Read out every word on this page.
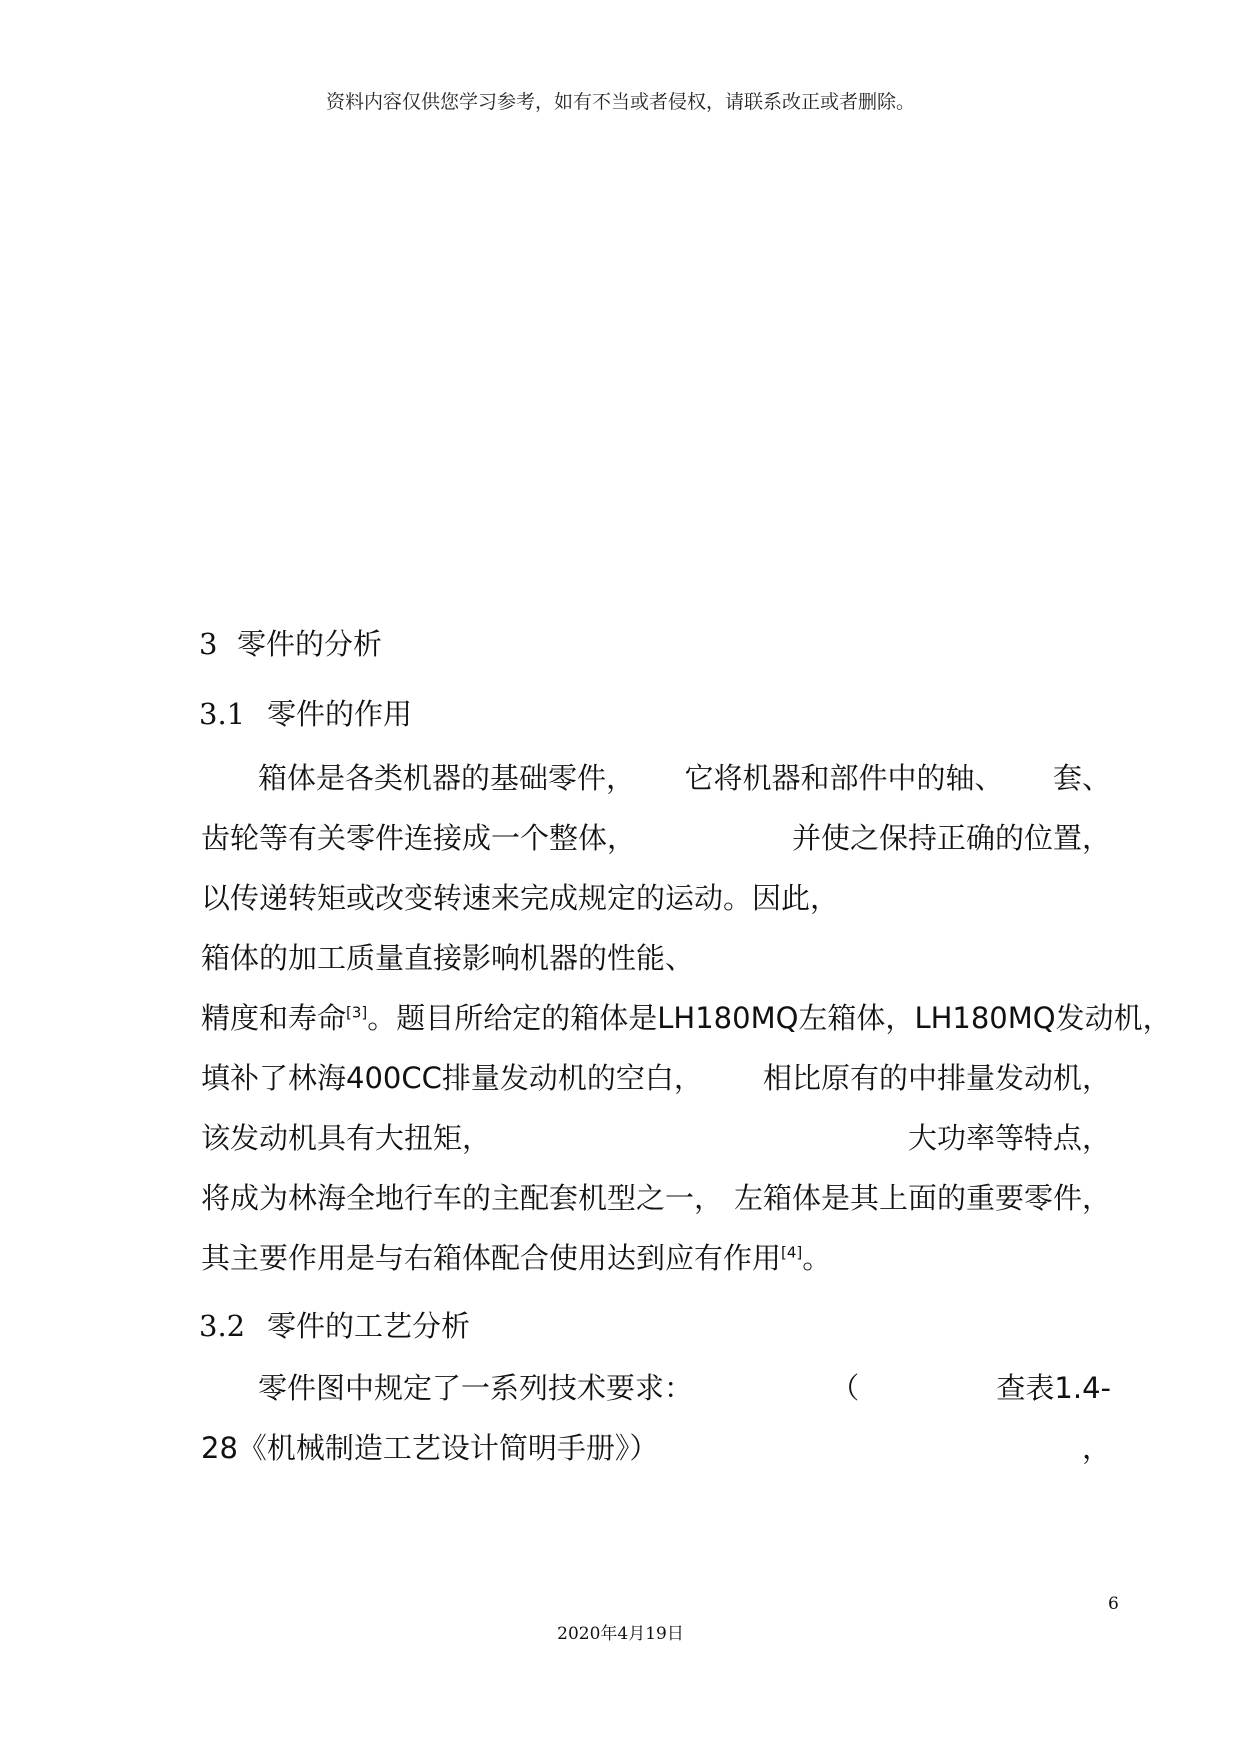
资料内容仅供您学习参考，如有不当或者侵权，请联系改正或者删除。
3 零件的分析
3.1 零件的作用
箱体是各类机器的基础零件， 它将机器和部件中的轴、 套、
齿轮等有关零件连接成一个整体，	并使之保持正确的位置，
以传递转矩或改变转速来完成规定的运动。因此，
箱体的加工质量直接影响机器的性能、
精度和寿命[3]。题目所给定的箱体是LH180MQ左箱体， LH180MQ发动机，
填补了林海400CC排量发动机的空白， 相比原有的中排量发动机，
该发动机具有大扭矩，	大功率等特点，
将成为林海全地行车的主配套机型之一， 左箱体是其上面的重要零件，
其主要作用是与右箱体配合使用达到应有作用[4]。
3.2 零件的工艺分析
零件图中规定了一系列技术要求：	（	查表1.4-
28《机械制造工艺设计简明手册》）	，
6
2020年4月19日
